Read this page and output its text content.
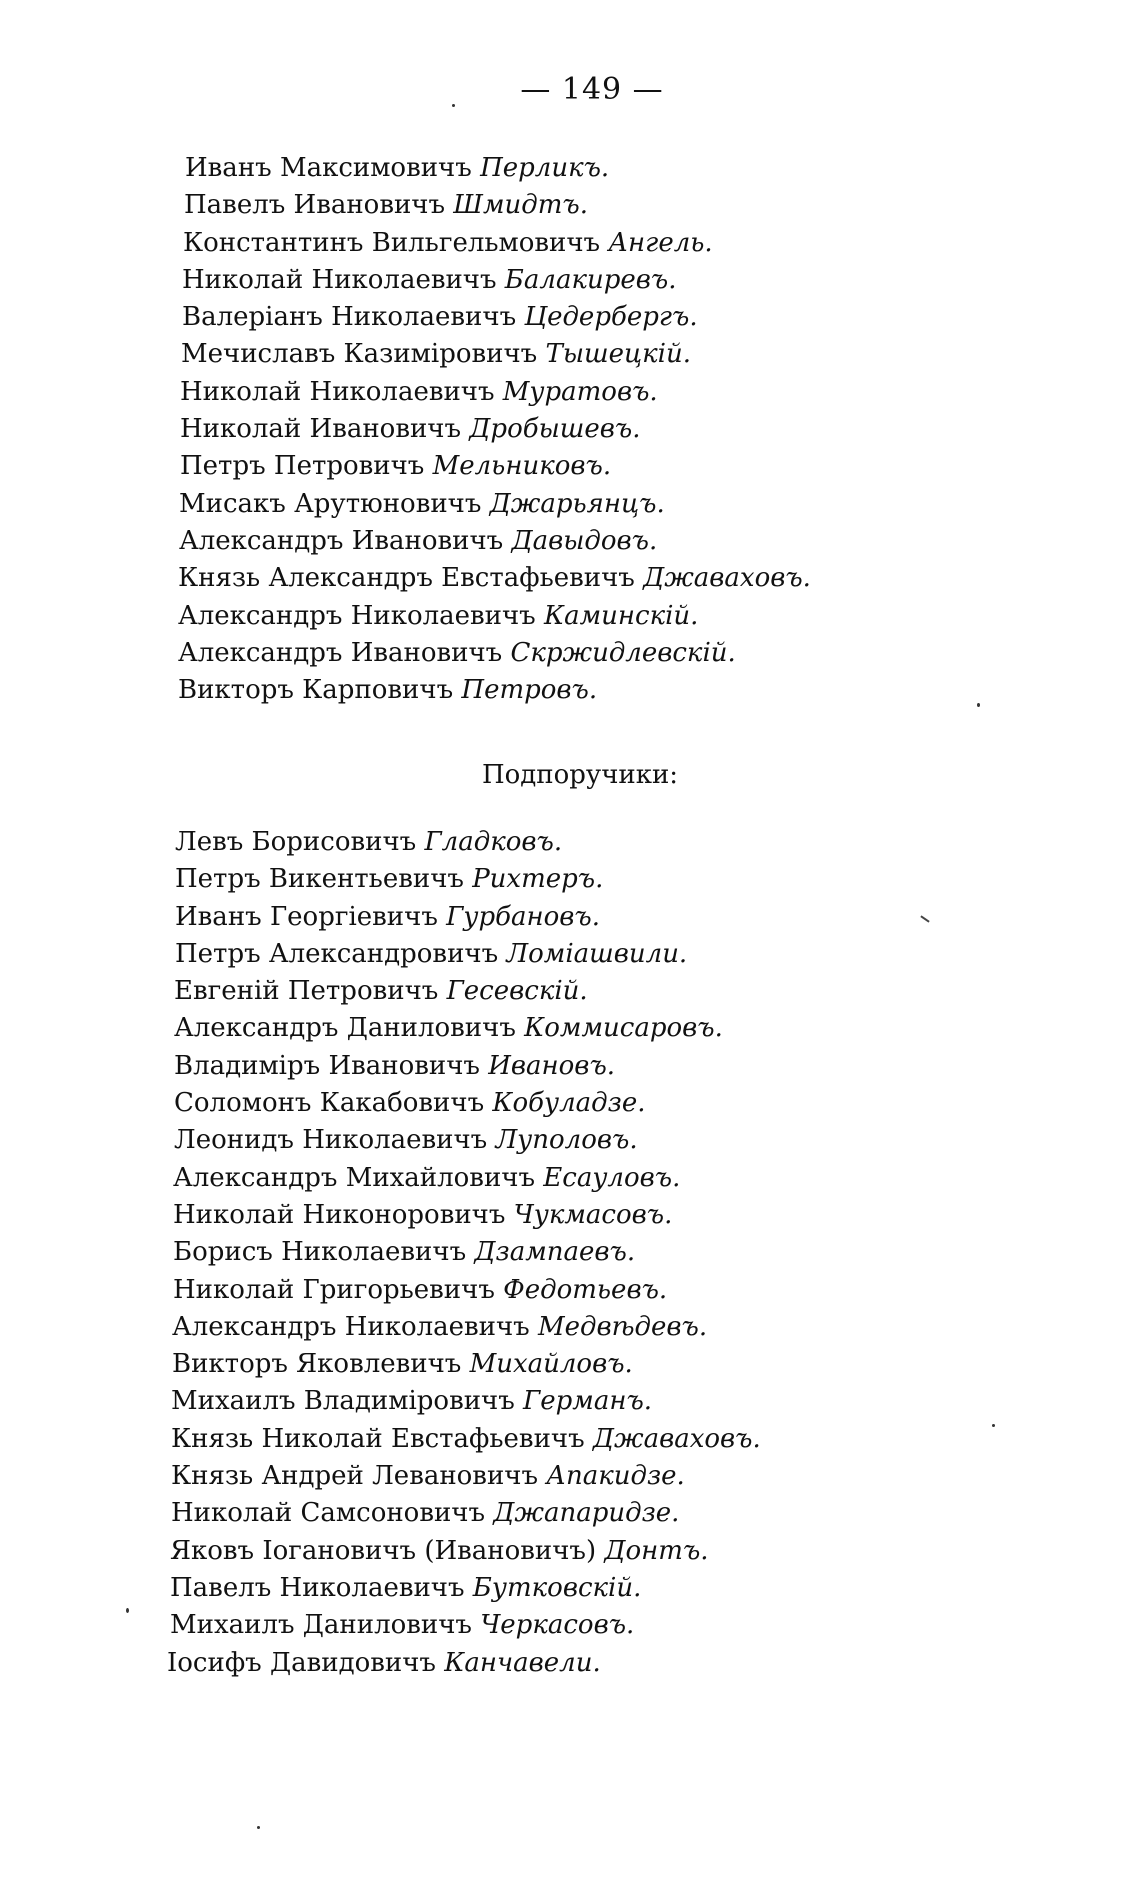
— 149 —
Иванъ Максимовичъ Перликъ.
Павелъ Ивановичъ Шмидтъ.
Константинъ Вильгельмовичъ Ангель.
Николай Николаевичъ Балакиревъ.
Валеріанъ Николаевичъ Цедербергъ.
Мечиславъ Казиміровичъ Тышецкій.
Николай Николаевичъ Муратовъ.
Николай Ивановичъ Дробышевъ.
Петръ Петровичъ Мельниковъ.
Мисакъ Арутюновичъ Джарьянцъ.
Александръ Ивановичъ Давыдовъ.
Князь Александръ Евстафьевичъ Джаваховъ.
Александръ Николаевичъ Каминскій.
Александръ Ивановичъ Скржидлевскій.
Викторъ Карповичъ Петровъ.
Подпоручики:
Левъ Борисовичъ Гладковъ.
Петръ Викентьевичъ Рихтеръ.
Иванъ Георгіевичъ Гурбановъ.
Петръ Александровичъ Ломіашвили.
Евгеній Петровичъ Гесевскій.
Александръ Даниловичъ Коммисаровъ.
Владиміръ Ивановичъ Ивановъ.
Соломонъ Какабовичъ Кобуладзе.
Леонидъ Николаевичъ Луполовъ.
Александръ Михайловичъ Есауловъ.
Николай Никоноровичъ Чукмасовъ.
Борисъ Николаевичъ Дзампаевъ.
Николай Григорьевичъ Федотьевъ.
Александръ Николаевичъ Медвѣдевъ.
Викторъ Яковлевичъ Михайловъ.
Михаилъ Владиміровичъ Германъ.
Князь Николай Евстафьевичъ Джаваховъ.
Князь Андрей Левановичъ Апакидзе.
Николай Самсоновичъ Джапаридзе.
Яковъ Іогановичъ (Ивановичъ) Донтъ.
Павелъ Николаевичъ Бутковскій.
Михаилъ Даниловичъ Черкасовъ.
Іосифъ Давидовичъ Канчавели.
